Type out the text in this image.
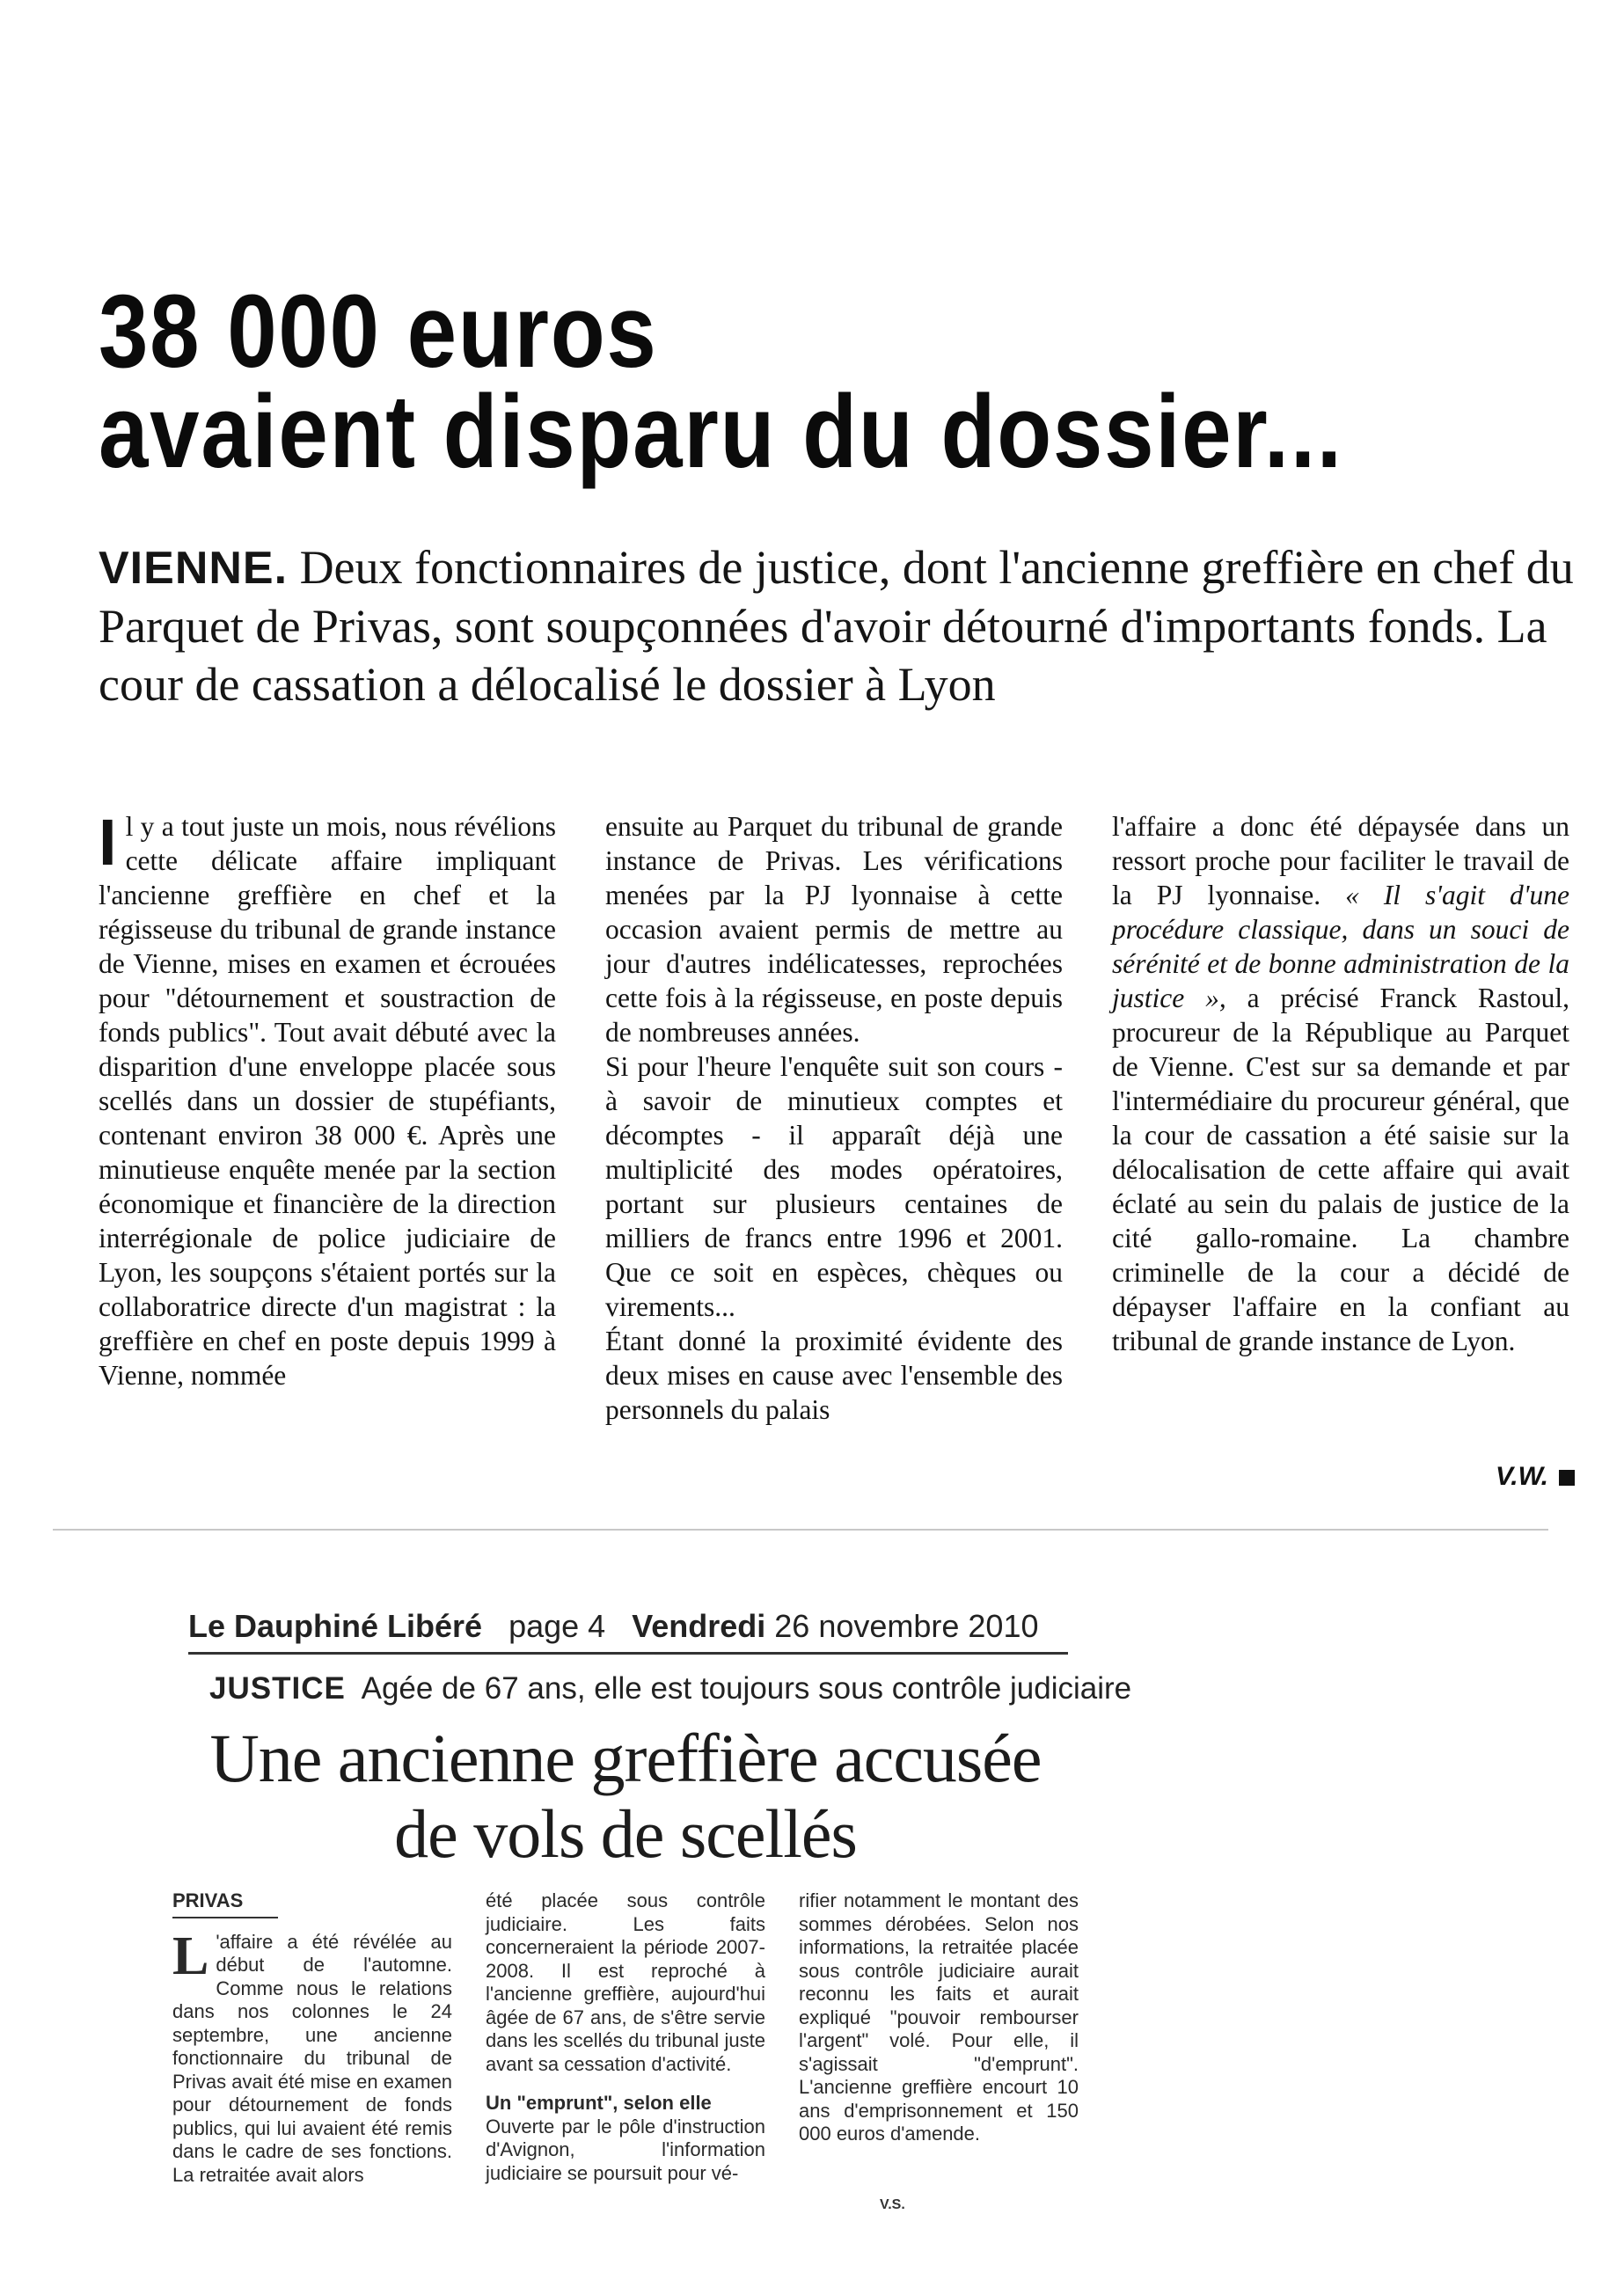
38 000 euros
avaient disparu du dossier...
VIENNE. Deux fonctionnaires de justice, dont l'ancienne greffière en chef du Parquet de Privas, sont soupçonnées d'avoir détourné d'importants fonds. La cour de cassation a délocalisé le dossier à Lyon

Il y a tout juste un mois, nous révélions cette délicate affaire impliquant l'ancienne greffière en chef et la régisseuse du tribunal de grande instance de Vienne, mises en examen et écrouées pour "détournement et soustraction de fonds publics". Tout avait débuté avec la disparition d'une enveloppe placée sous scellés dans un dossier de stupéfiants, contenant environ 38 000 €. Après une minutieuse enquête menée par la section économique et financière de la direction interrégionale de police judiciaire de Lyon, les soupçons s'étaient portés sur la collaboratrice directe d'un magistrat : la greffière en chef en poste depuis 1999 à Vienne, nommée

ensuite au Parquet du tribunal de grande instance de Privas. Les vérifications menées par la PJ lyonnaise à cette occasion avaient permis de mettre au jour d'autres indélicatesses, reprochées cette fois à la régisseuse, en poste depuis de nombreuses années.

Si pour l'heure l'enquête suit son cours - à savoir de minutieux comptes et décomptes - il apparaît déjà une multiplicité des modes opératoires, portant sur plusieurs centaines de milliers de francs entre 1996 et 2001. Que ce soit en espèces, chèques ou virements...

Étant donné la proximité évidente des deux mises en cause avec l'ensemble des personnels du palais

l'affaire a donc été dépaysée dans un ressort proche pour faciliter le travail de la PJ lyonnaise. « Il s'agit d'une procédure classique, dans un souci de sérénité et de bonne administration de la justice », a précisé Franck Rastoul, procureur de la République au Parquet de Vienne. C'est sur sa demande et par l'intermédiaire du procureur général, que la cour de cassation a été saisie sur la délocalisation de cette affaire qui avait éclaté au sein du palais de justice de la cité gallo-romaine. La chambre criminelle de la cour a décidé de dépayser l'affaire en la confiant au tribunal de grande instance de Lyon.

V.W.
Le Dauphiné Libéré page 4 Vendredi 26 novembre 2010
JUSTICE Agée de 67 ans, elle est toujours sous contrôle judiciaire
Une ancienne greffière accusée
de vols de scellés
PRIVAS

L 'affaire a été révélée au début de l'automne. Comme nous le relations dans nos colonnes le 24 septembre, une ancienne fonctionnaire du tribunal de Privas avait été mise en examen pour détournement de fonds publics, qui lui avaient été remis dans le cadre de ses fonctions. La retraitée avait alors

été placée sous contrôle judiciaire. Les faits concerneraient la période 2007-2008. Il est reproché à l'ancienne greffière, aujourd'hui âgée de 67 ans, de s'être servie dans les scellés du tribunal juste avant sa cessation d'activité.

Un "emprunt", selon elle

Ouverte par le pôle d'instruction d'Avignon, l'information judiciaire se poursuit pour vé-

rifier notamment le montant des sommes dérobées. Selon nos informations, la retraitée placée sous contrôle judiciaire aurait reconnu les faits et aurait expliqué "pouvoir rembourser l'argent" volé. Pour elle, il s'agissait "d'emprunt". L'ancienne greffière encourt 10 ans d'emprisonnement et 150 000 euros d'amende.

V.S.
